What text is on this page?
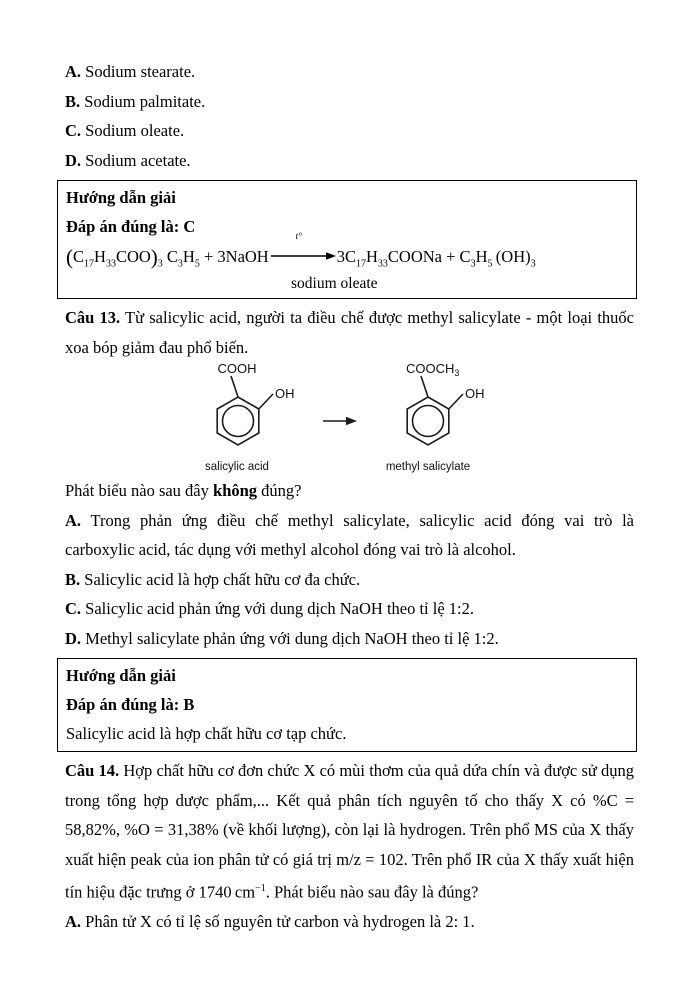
A. Sodium stearate.
B. Sodium palmitate.
C. Sodium oleate.
D. Sodium acetate.
Hướng dẫn giải
Đáp án đúng là: C
$(C_{17}H_{33}COO)_3$ $C_3H_5$ + 3NaOH
t°
$3C_{17}H_{33}COONa + C_3H_5$ $(OH)_3$
sodium oleate

Câu 13. Từ salicylic acid, người ta điều chế được methyl salicylate - một loại thuốc xoa bóp giảm đau phổ biến.

COOH
OH
salicylic acid
$COOCH_3$
OH
methyl salicylate

Phát biểu nào sau đây không đúng?

A. Trong phản ứng điều chế methyl salicylate, salicylic acid đóng vai trò là carboxylic acid, tác dụng với methyl alcohol đóng vai trò là alcohol.
B. Salicylic acid là hợp chất hữu cơ đa chức.
C. Salicylic acid phản ứng với dung dịch NaOH theo tỉ lệ 1:2.
D. Methyl salicylate phản ứng với dung dịch NaOH theo tỉ lệ 1:2.
Hướng dẫn giải
Đáp án đúng là: B
Salicylic acid là hợp chất hữu cơ tạp chức.

Câu 14. Hợp chất hữu cơ đơn chức X có mùi thơm của quả dứa chín và được sử dụng trong tổng hợp dược phẩm,... Kết quả phân tích nguyên tố cho thấy X có %C = 58,82%, %O = 31,38% (về khối lượng), còn lại là hydrogen. Trên phổ MS của X thấy xuất hiện peak của ion phân tử có giá trị m/z = 102. Trên phổ IR của X thấy xuất hiện tín hiệu đặc trưng ở 1740 $cm^{-1}$. Phát biểu nào sau đây là đúng?

A. Phân tử X có tỉ lệ số nguyên tử carbon và hydrogen là 2: 1.
